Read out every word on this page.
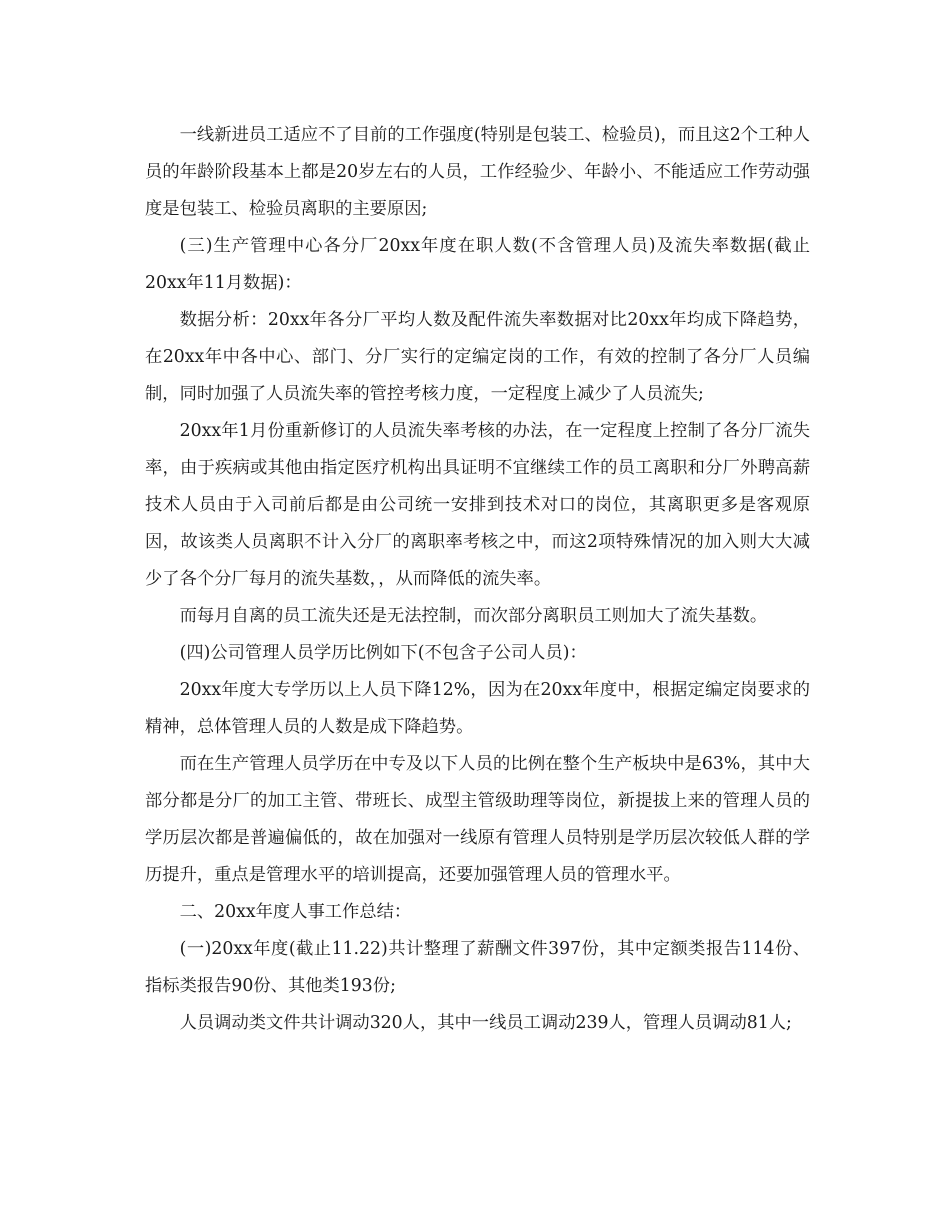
一线新进员工适应不了目前的工作强度(特别是包装工、检验员)，而且这2个工种人员的年龄阶段基本上都是20岁左右的人员，工作经验少、年龄小、不能适应工作劳动强度是包装工、检验员离职的主要原因;

(三)生产管理中心各分厂20xx年度在职人数(不含管理人员)及流失率数据(截止20xx年11月数据)：

数据分析：20xx年各分厂平均人数及配件流失率数据对比20xx年均成下降趋势，在20xx年中各中心、部门、分厂实行的定编定岗的工作，有效的控制了各分厂人员编制，同时加强了人员流失率的管控考核力度，一定程度上减少了人员流失;

20xx年1月份重新修订的人员流失率考核的办法，在一定程度上控制了各分厂流失率，由于疾病或其他由指定医疗机构出具证明不宜继续工作的员工离职和分厂外聘高薪技术人员由于入司前后都是由公司统一安排到技术对口的岗位，其离职更多是客观原因，故该类人员离职不计入分厂的离职率考核之中，而这2项特殊情况的加入则大大减少了各个分厂每月的流失基数，，从而降低的流失率。

而每月自离的员工流失还是无法控制，而次部分离职员工则加大了流失基数。

(四)公司管理人员学历比例如下(不包含子公司人员)：

20xx年度大专学历以上人员下降12%，因为在20xx年度中，根据定编定岗要求的精神，总体管理人员的人数是成下降趋势。

而在生产管理人员学历在中专及以下人员的比例在整个生产板块中是63%，其中大部分都是分厂的加工主管、带班长、成型主管级助理等岗位，新提拔上来的管理人员的学历层次都是普遍偏低的，故在加强对一线原有管理人员特别是学历层次较低人群的学历提升，重点是管理水平的培训提高，还要加强管理人员的管理水平。

二、20xx年度人事工作总结：

(一)20xx年度(截止11.22)共计整理了薪酬文件397份，其中定额类报告114份、指标类报告90份、其他类193份;

人员调动类文件共计调动320人，其中一线员工调动239人，管理人员调动81人;
